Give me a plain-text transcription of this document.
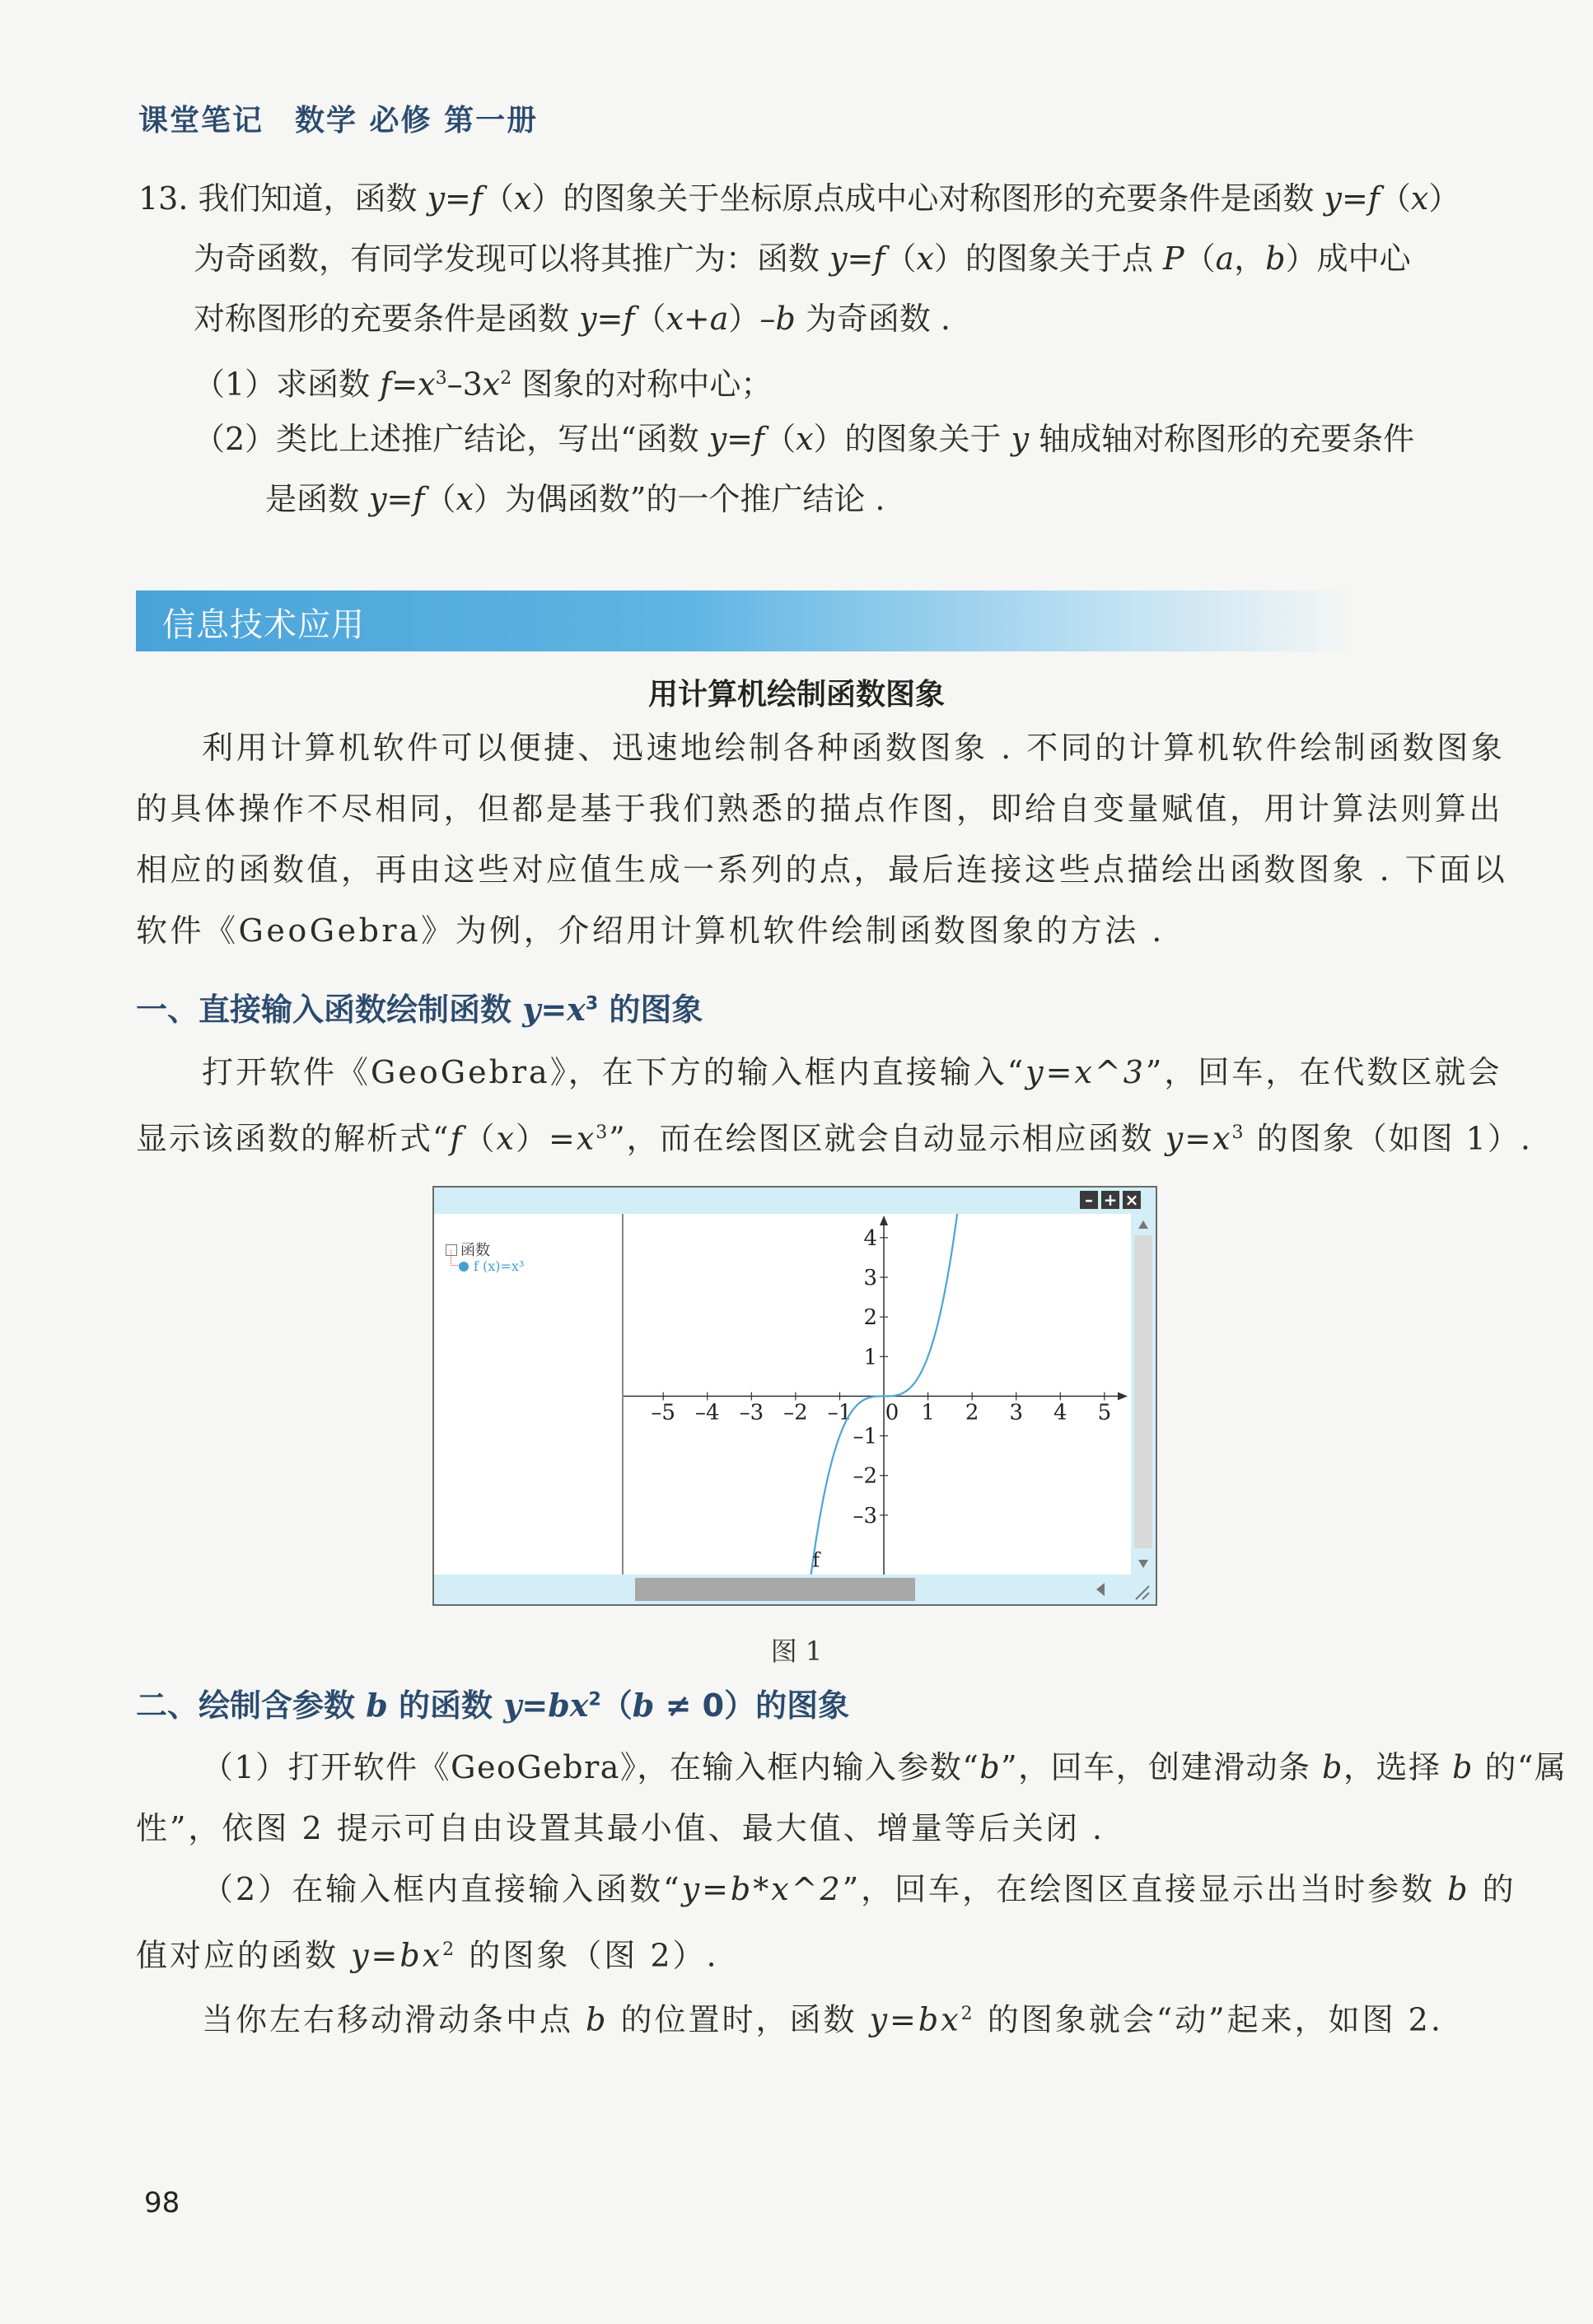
课堂笔记　数学 必修 第一册
13. 我们知道，函数 y=f（x）的图象关于坐标原点成中心对称图形的充要条件是函数 y=f（x）
为奇函数，有同学发现可以将其推广为：函数 y=f（x）的图象关于点 P（a，b）成中心
对称图形的充要条件是函数 y=f（x+a）–b 为奇函数 .
（1）求函数 $f=x^3-3x^2$ 图象的对称中心；
（2）类比上述推广结论，写出“函数 y=f（x）的图象关于 y 轴成轴对称图形的充要条件
是函数 y=f（x）为偶函数”的一个推广结论 .
信息技术应用
用计算机绘制函数图象
利用计算机软件可以便捷、迅速地绘制各种函数图象 . 不同的计算机软件绘制函数图象
的具体操作不尽相同，但都是基于我们熟悉的描点作图，即给自变量赋值，用计算法则算出
相应的函数值，再由这些对应值生成一系列的点，最后连接这些点描绘出函数图象 . 下面以
软件《GeoGebra》为例，介绍用计算机软件绘制函数图象的方法 .
一、直接输入函数绘制函数 $y=x^3$ 的图象
打开软件《GeoGebra》，在下方的输入框内直接输入“y=x^3”，回车，在代数区就会
显示该函数的解析式“$f(x)=x^3$”，而在绘图区就会自动显示相应函数 $y=x^3$ 的图象（如图 1）.
– + ×
函数
f (x)=x³
–5 –4 –3 –2 –1 0 1 2 3 4 5
4
3
2
1
–1
–2
–3
f
图 1
二、绘制含参数 b 的函数 $y=bx^2(b \ne 0)$的图象
（1）打开软件《GeoGebra》，在输入框内输入参数“b”，回车，创建滑动条 b，选择 b 的“属
性”，依图 2 提示可自由设置其最小值、最大值、增量等后关闭 .
（2）在输入框内直接输入函数“y=b*x^2”，回车，在绘图区直接显示出当时参数 b 的
值对应的函数 $y=bx^2$ 的图象（图 2）.
当你左右移动滑动条中点 b 的位置时，函数 $y=bx^2$ 的图象就会“动”起来，如图 2.
98
